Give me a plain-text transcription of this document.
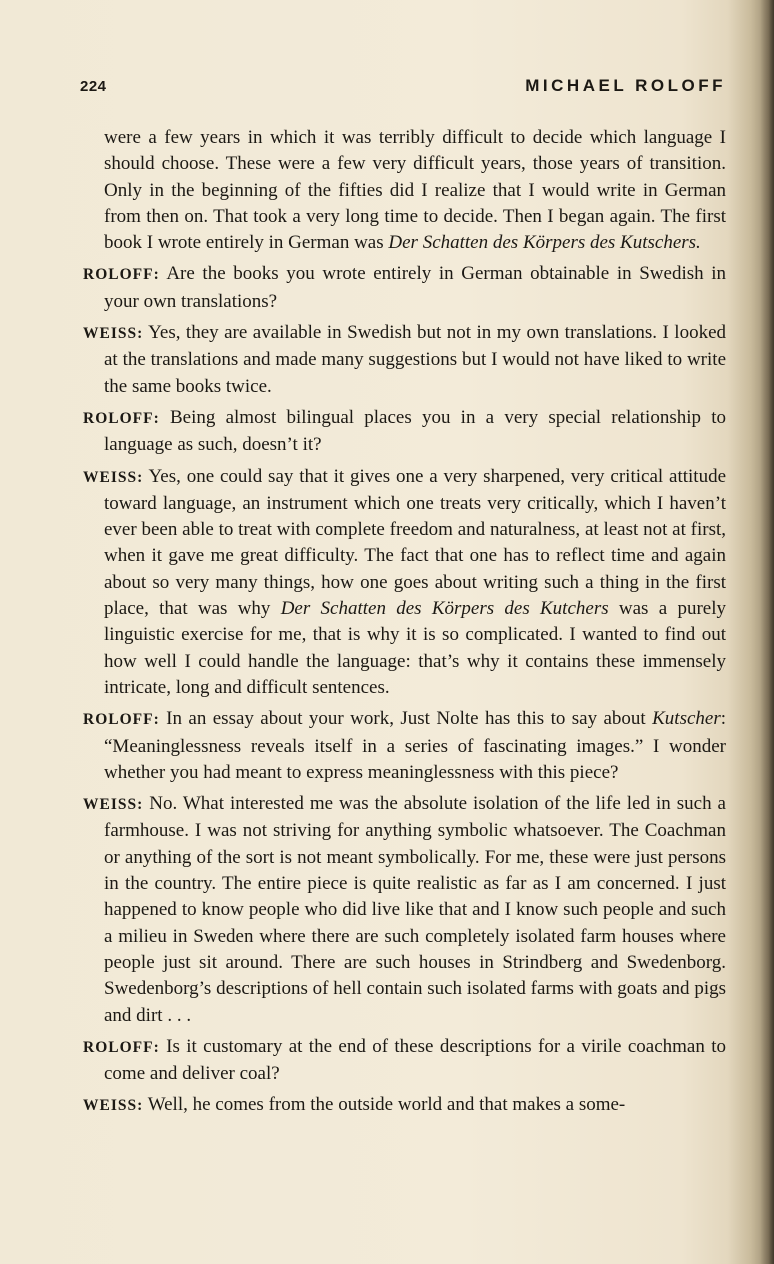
224	MICHAEL ROLOFF

were a few years in which it was terribly difficult to decide which language I should choose. These were a few very difficult years, those years of transition. Only in the beginning of the fifties did I realize that I would write in German from then on. That took a very long time to decide. Then I began again. The first book I wrote entirely in German was Der Schatten des Körpers des Kutschers.

ROLOFF: Are the books you wrote entirely in German obtainable in Swedish in your own translations?

WEISS: Yes, they are available in Swedish but not in my own translations. I looked at the translations and made many suggestions but I would not have liked to write the same books twice.

ROLOFF: Being almost bilingual places you in a very special relationship to language as such, doesn’t it?

WEISS: Yes, one could say that it gives one a very sharpened, very critical attitude toward language, an instrument which one treats very critically, which I haven’t ever been able to treat with complete freedom and naturalness, at least not at first, when it gave me great difficulty. The fact that one has to reflect time and again about so very many things, how one goes about writing such a thing in the first place, that was why Der Schatten des Körpers des Kutchers was a purely linguistic exercise for me, that is why it is so complicated. I wanted to find out how well I could handle the language: that’s why it contains these immensely intricate, long and difficult sentences.

ROLOFF: In an essay about your work, Just Nolte has this to say about Kutscher: “Meaninglessness reveals itself in a series of fascinating images.” I wonder whether you had meant to express meaninglessness with this piece?

WEISS: No. What interested me was the absolute isolation of the life led in such a farmhouse. I was not striving for anything symbolic whatsoever. The Coachman or anything of the sort is not meant symbolically. For me, these were just persons in the country. The entire piece is quite realistic as far as I am concerned. I just happened to know people who did live like that and I know such people and such a milieu in Sweden where there are such completely isolated farm houses where people just sit around. There are such houses in Strindberg and Swedenborg. Swedenborg’s descriptions of hell contain such isolated farms with goats and pigs and dirt . . .

ROLOFF: Is it customary at the end of these descriptions for a virile coachman to come and deliver coal?

WEISS: Well, he comes from the outside world and that makes a some-
